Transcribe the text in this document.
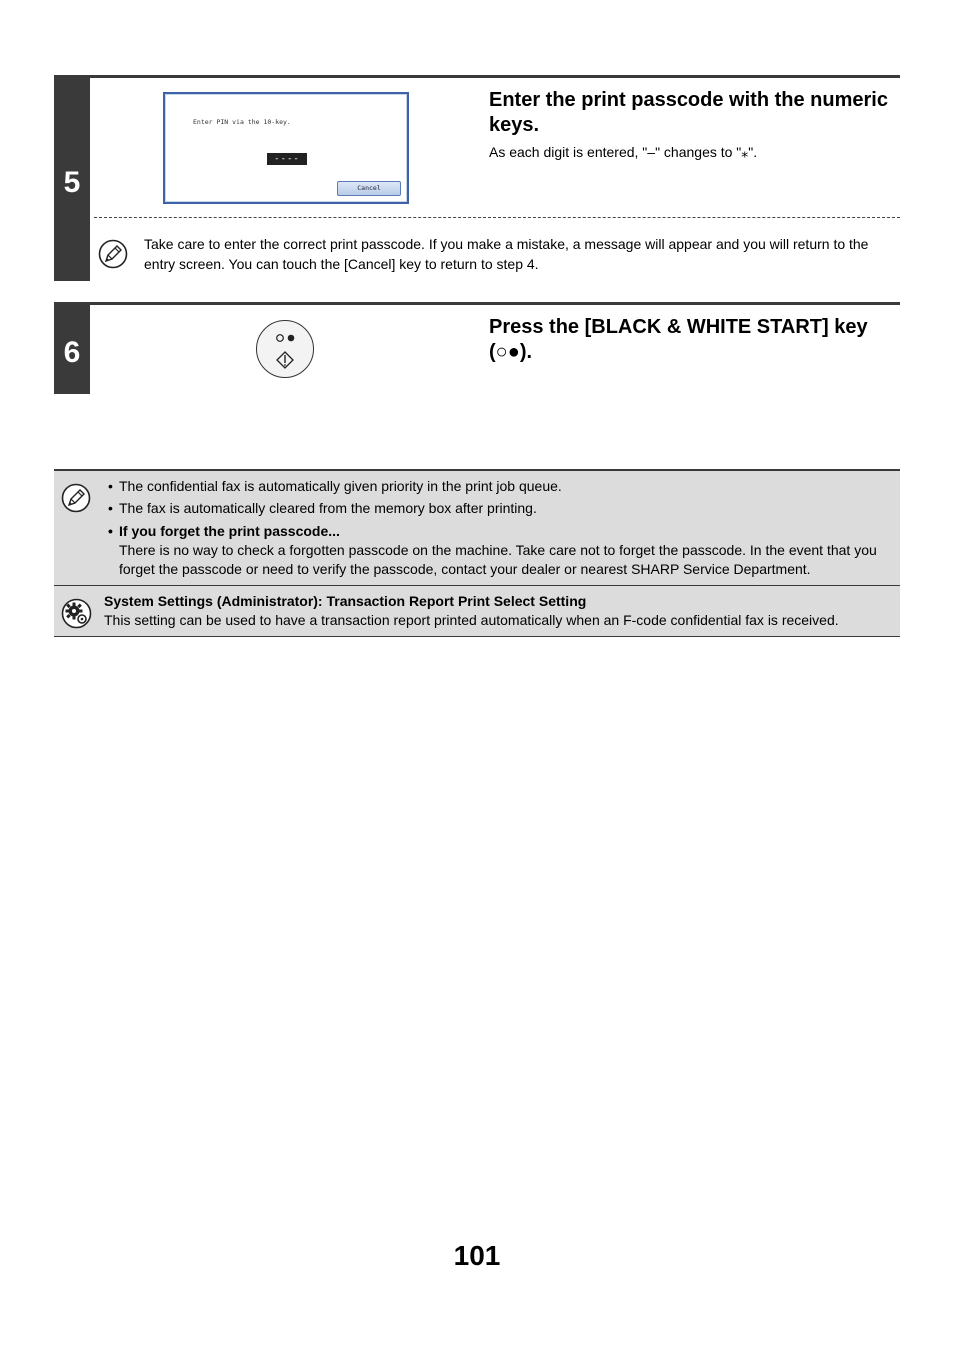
5
Enter PIN via the 10-key.
----
Cancel
Enter the print passcode with the numeric keys.
As each digit is entered, "–" changes to "⁎".
Take care to enter the correct print passcode. If you make a mistake, a message will appear and you will return to the entry screen. You can touch the [Cancel] key to return to step 4.
6
Press the [BLACK & WHITE START] key (○●).
• The confidential fax is automatically given priority in the print job queue.
• The fax is automatically cleared from the memory box after printing.
• If you forget the print passcode...
There is no way to check a forgotten passcode on the machine. Take care not to forget the passcode. In the event that you forget the passcode or need to verify the passcode, contact your dealer or nearest SHARP Service Department.
System Settings (Administrator): Transaction Report Print Select Setting
This setting can be used to have a transaction report printed automatically when an F-code confidential fax is received.
101
